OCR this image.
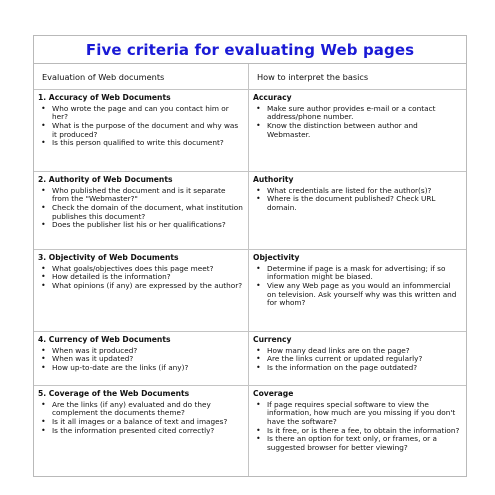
Five criteria for evaluating Web pages
Evaluation of Web documents	How to interpret the basics
1. Accuracy of Web Documents
• Who wrote the page and can you contact him or her?
• What is the purpose of the document and why was it produced?
• Is this person qualified to write this document?
Accuracy
• Make sure author provides e-mail or a contact address/phone number.
• Know the distinction between author and Webmaster.
2. Authority of Web Documents
• Who published the document and is it separate from the "Webmaster?"
• Check the domain of the document, what institution publishes this document?
• Does the publisher list his or her qualifications?
Authority
• What credentials are listed for the author(s)?
• Where is the document published? Check URL domain.
3. Objectivity of Web Documents
• What goals/objectives does this page meet?
• How detailed is the information?
• What opinions (if any) are expressed by the author?
Objectivity
• Determine if page is a mask for advertising; if so information might be biased.
• View any Web page as you would an infommercial on television. Ask yourself why was this written and for whom?
4. Currency of Web Documents
• When was it produced?
• When was it updated?
• How up-to-date are the links (if any)?
Currency
• How many dead links are on the page?
• Are the links current or updated regularly?
• Is the information on the page outdated?
5. Coverage of the Web Documents
• Are the links (if any) evaluated and do they complement the documents theme?
• Is it all images or a balance of text and images?
• Is the information presented cited correctly?
Coverage
• If page requires special software to view the information, how much are you missing if you don't have the software?
• Is it free, or is there a fee, to obtain the information?
• Is there an option for text only, or frames, or a suggested browser for better viewing?
